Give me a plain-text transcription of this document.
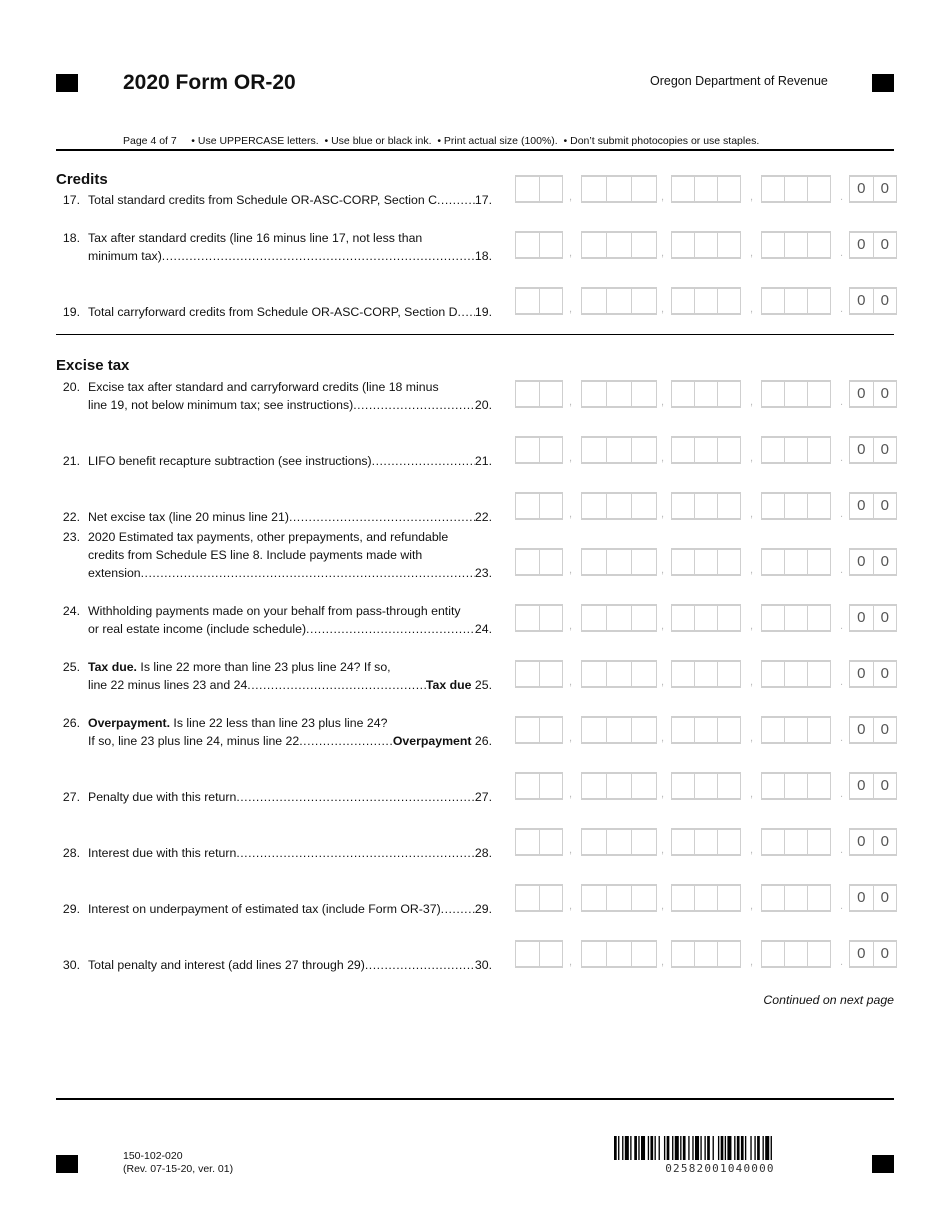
2020 Form OR-20	Oregon Department of Revenue
Page 4 of 7     • Use UPPERCASE letters.  • Use blue or black ink.  • Print actual size (100%).  • Don’t submit photocopies or use staples.
Credits
Excise tax
17. Total standard credits from Schedule OR-ASC-CORP, Section C .....	17.	,	,	,	. 0	0
18. Tax after standard credits (line 16 minus line 17, not less than
minimum tax) .....	18.	,	,	,	. 0	0
19. Total carryforward credits from Schedule OR-ASC-CORP, Section D ..... 19.	,	,	,	. 0	0
20. Excise tax after standard and carryforward credits (line 18 minus
line 19, not below minimum tax; see instructions) .....	20.	,	,	,	. 0	0
21. LIFO benefit recapture subtraction (see instructions) .....	21.	,	,	,	. 0	0
22. Net excise tax (line 20 minus line 21) .....	22.	,	,	,	. 0	0
23. 2020 Estimated tax payments, other prepayments, and refundable
credits from Schedule ES line 8. Include payments made with
extension .....	23.	,	,	,	. 0	0
24. Withholding payments made on your behalf from pass-through entity
or real estate income (include schedule) .....	24.	,	,	,	. 0	0
25. Tax due. Is line 22 more than line 23 plus line 24? If so,
line 22 minus lines 23 and 24 .....	Tax due 25.	,	,	,	. 0	0
26. Overpayment. Is line 22 less than line 23 plus line 24?
If so, line 23 plus line 24, minus line 22 .....	Overpayment 26.	,	,	,	. 0	0
27. Penalty due with this return .....	27.	,	,	,	. 0	0
28. Interest due with this return .....	28.	,	,	,	. 0	0
29. Interest on underpayment of estimated tax (include Form OR-37) .....	29.	,	,	,	. 0	0
30. Total penalty and interest (add lines 27 through 29) .....	30.	,	,	,	. 0	0
Continued on next page
150-102-020
(Rev. 07-15-20, ver. 01)	02582001040000
